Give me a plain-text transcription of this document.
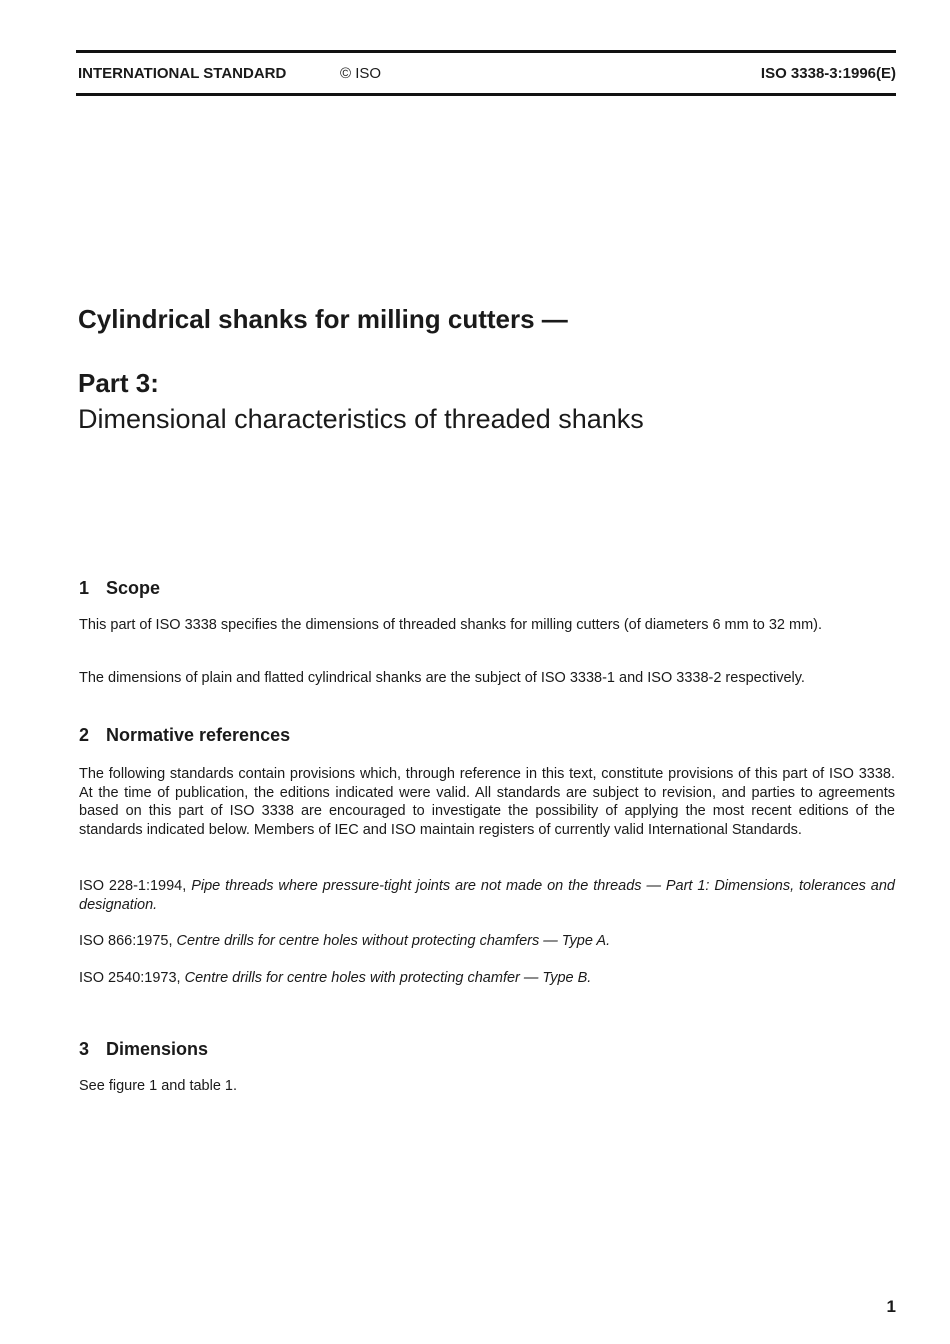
INTERNATIONAL STANDARD	© ISO	ISO 3338-3:1996(E)
Cylindrical shanks for milling cutters —
Part 3:
Dimensional characteristics of threaded shanks
1 Scope

This part of ISO 3338 specifies the dimensions of threaded shanks for milling cutters (of diameters 6 mm to 32 mm).

The dimensions of plain and flatted cylindrical shanks are the subject of ISO 3338-1 and ISO 3338-2 respectively.

2 Normative references

The following standards contain provisions which, through reference in this text, constitute provisions of this part of ISO 3338. At the time of publication, the editions indicated were valid. All standards are subject to revision, and parties to agreements based on this part of ISO 3338 are encouraged to investigate the possibility of applying the most recent editions of the standards indicated below. Members of IEC and ISO maintain registers of currently valid International Standards.

ISO 228-1:1994, Pipe threads where pressure-tight joints are not made on the threads — Part 1: Dimensions, tolerances and designation.

ISO 866:1975, Centre drills for centre holes without protecting chamfers — Type A.

ISO 2540:1973, Centre drills for centre holes with protecting chamfer — Type B.

3 Dimensions

See figure 1 and table 1.

1
